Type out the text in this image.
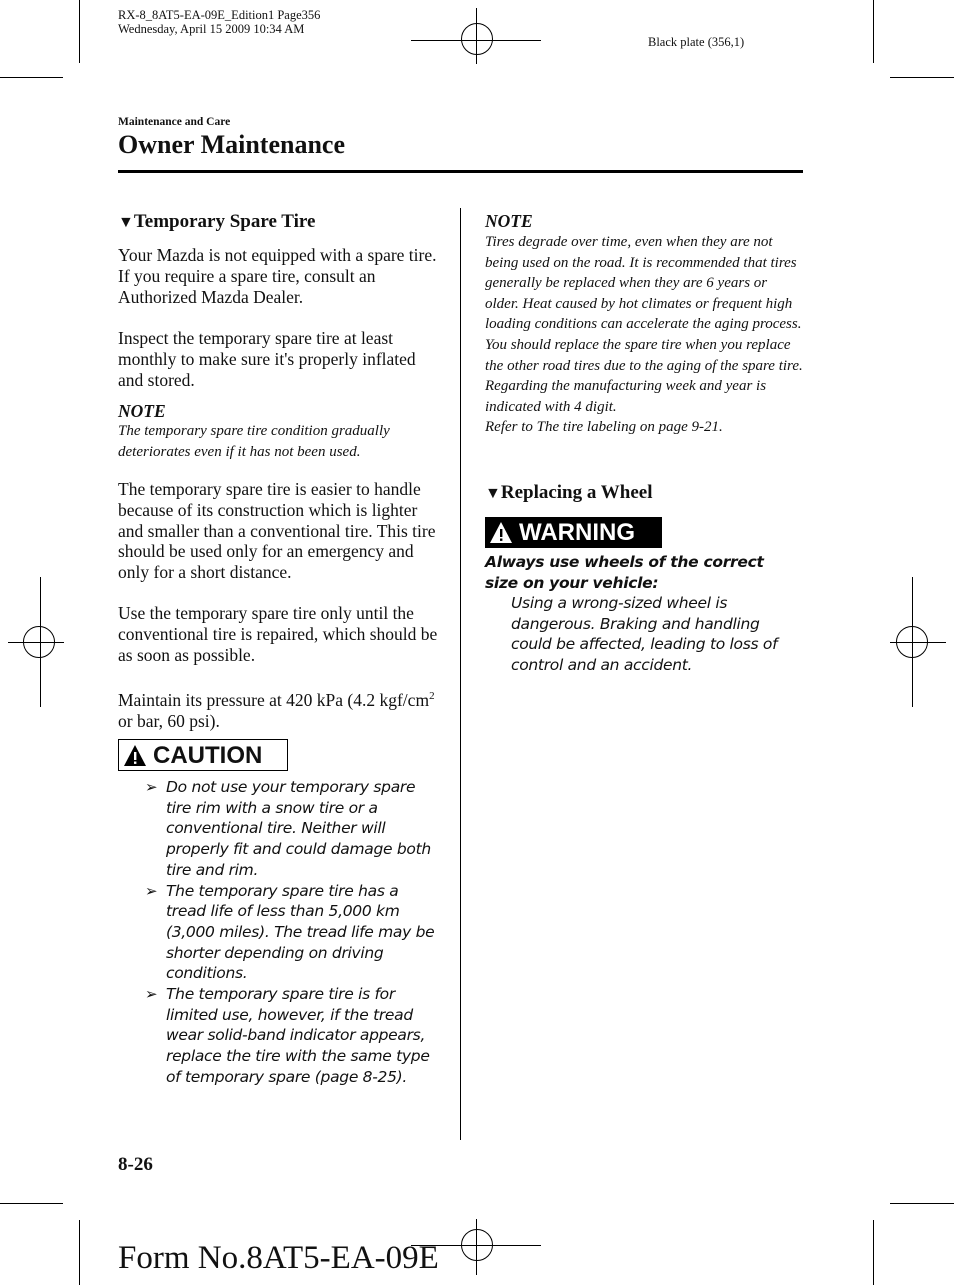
RX-8_8AT5-EA-09E_Edition1 Page356
Wednesday, April 15 2009 10:34 AM
Black plate (356,1)
Maintenance and Care
Owner Maintenance
▼Temporary Spare Tire
Your Mazda is not equipped with a spare tire. If you require a spare tire, consult an Authorized Mazda Dealer.
Inspect the temporary spare tire at least monthly to make sure it's properly inflated and stored.
NOTE
The temporary spare tire condition gradually deteriorates even if it has not been used.
The temporary spare tire is easier to handle because of its construction which is lighter and smaller than a conventional tire. This tire should be used only for an emergency and only for a short distance.
Use the temporary spare tire only until the conventional tire is repaired, which should be as soon as possible.
Maintain its pressure at 420 kPa (4.2 kgf/$cm^2$ or bar, 60 psi).
CAUTION
➢ Do not use your temporary spare tire rim with a snow tire or a conventional tire. Neither will properly fit and could damage both tire and rim.
➢ The temporary spare tire has a tread life of less than 5,000 km (3,000 miles). The tread life may be shorter depending on driving conditions.
➢ The temporary spare tire is for limited use, however, if the tread wear solid-band indicator appears, replace the tire with the same type of temporary spare (page 8-25).
NOTE
Tires degrade over time, even when they are not being used on the road. It is recommended that tires generally be replaced when they are 6 years or older. Heat caused by hot climates or frequent high loading conditions can accelerate the aging process. You should replace the spare tire when you replace the other road tires due to the aging of the spare tire. Regarding the manufacturing week and year is indicated with 4 digit.
Refer to The tire labeling on page 9-21.
▼Replacing a Wheel
WARNING
Always use wheels of the correct size on your vehicle:
Using a wrong-sized wheel is dangerous. Braking and handling could be affected, leading to loss of control and an accident.
8-26
Form No.8AT5-EA-09E
